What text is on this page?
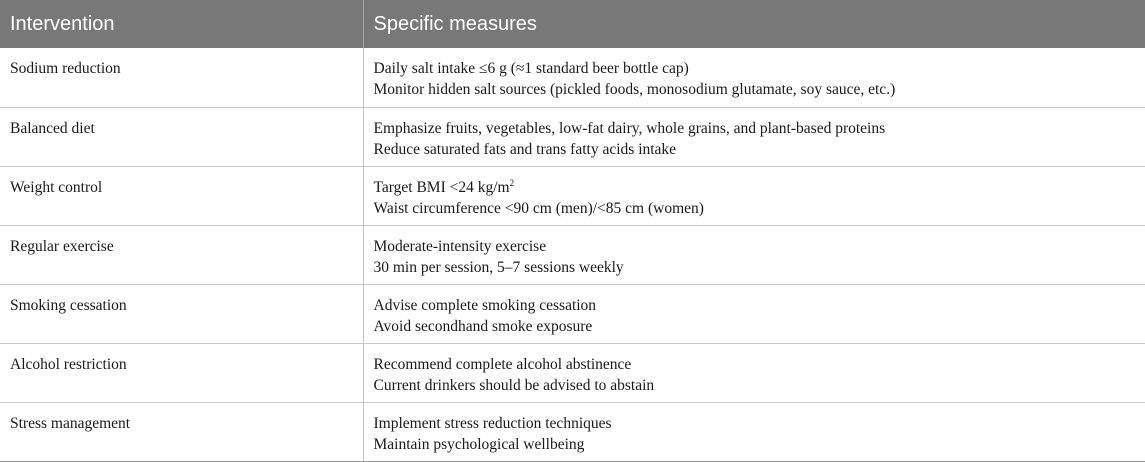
Intervention	Specific measures
Sodium reduction	Daily salt intake ≤6 g (≈1 standard beer bottle cap)
Monitor hidden salt sources (pickled foods, monosodium glutamate, soy sauce, etc.)

Balanced diet	Emphasize fruits, vegetables, low-fat dairy, whole grains, and plant-based proteins
Reduce saturated fats and trans fatty acids intake

Weight control	Target BMI <24 $kg/m^2$
Waist circumference <90 cm (men)/<85 cm (women)

Regular exercise	Moderate-intensity exercise
30 min per session, 5–7 sessions weekly

Smoking cessation	Advise complete smoking cessation
Avoid secondhand smoke exposure

Alcohol restriction	Recommend complete alcohol abstinence
Current drinkers should be advised to abstain

Stress management	Implement stress reduction techniques
Maintain psychological wellbeing
